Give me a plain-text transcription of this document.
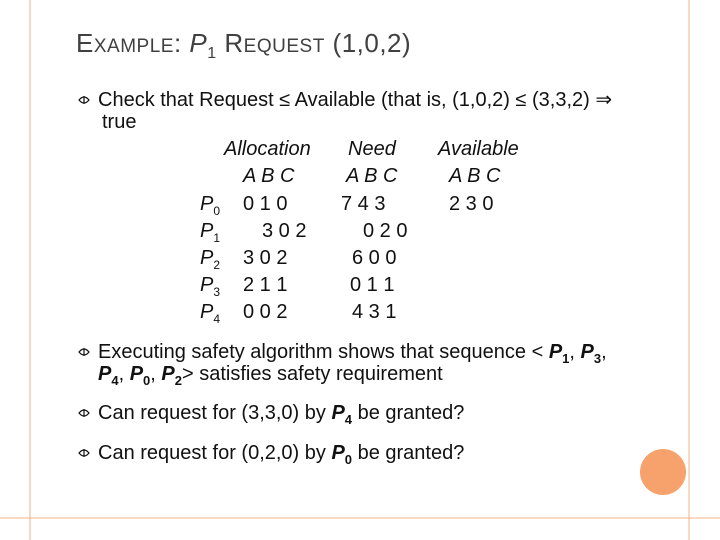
EXAMPLE: $P_1$ REQUEST (1,0,2)
Check that Request ≤ Available (that is, (1,0,2) ≤ (3,3,2) ⇒
true
Allocation Need Available
A B C	A B C	A B C
$P_0$ 0 1 0	7 4 3	2 3 0
$P_1$ 3 0 2	0 2 0
$P_2$ 3 0 2	6 0 0
$P_3$ 2 1 1	0 1 1
$P_4$ 0 0 2	4 3 1
Executing safety algorithm shows that sequence < $P_1$, $P_3$,
$P_4$, $P_0$, $P_2>$ satisfies safety requirement
Can request for (3,3,0) by $P_4$ be granted?
Can request for (0,2,0) by $P_0$ be granted?
